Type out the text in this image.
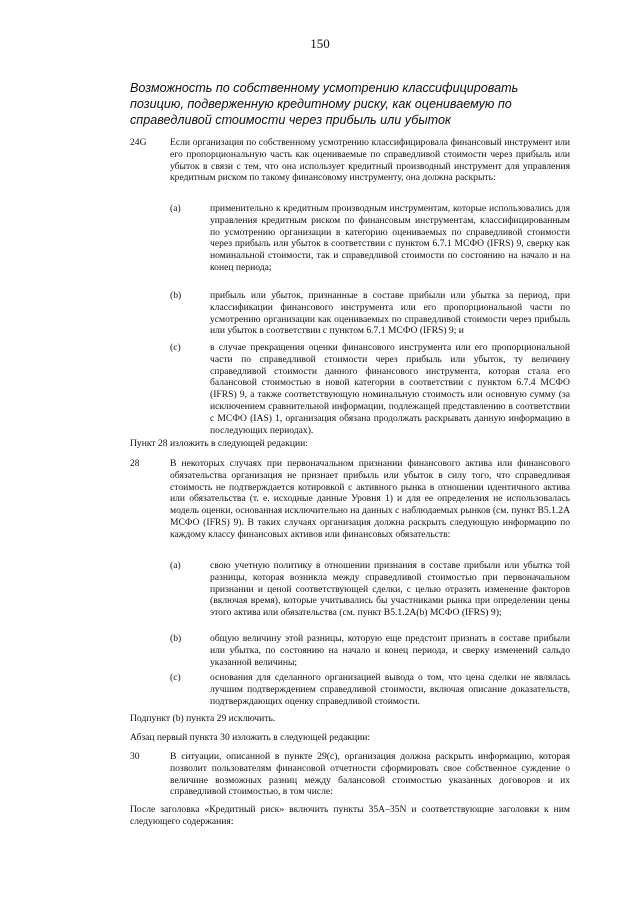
150
Возможность по собственному усмотрению классифицировать позицию, подверженную кредитному риску, как оцениваемую по справедливой стоимости через прибыль или убыток
24G Если организация по собственному усмотрению классифицировала финансовый инструмент или его пропорциональную часть как оцениваемые по справедливой стоимости через прибыль или убыток в связи с тем, что она использует кредитный производный инструмент для управления кредитным риском по такому финансовому инструменту, она должна раскрыть:
(a)	применительно к кредитным производным инструментам, которые использовались для управления кредитным риском по финансовым инструментам, классифицированным по усмотрению организации в категорию оцениваемых по справедливой стоимости через прибыль или убыток в соответствии с пунктом 6.7.1 МСФО (IFRS) 9, сверку как номинальной стоимости, так и справедливой стоимости по состоянию на начало и на конец периода;
(b)	прибыль или убыток, признанные в составе прибыли или убытка за период, при классификации финансового инструмента или его пропорциональной части по усмотрению организации как оцениваемых по справедливой стоимости через прибыль или убыток в соответствии с пунктом 6.7.1 МСФО (IFRS) 9; и
(c)	в случае прекращения оценки финансового инструмента или его пропорциональной части по справедливой стоимости через прибыль или убыток, ту величину справедливой стоимости данного финансового инструмента, которая стала его балансовой стоимостью в новой категории в соответствии с пунктом 6.7.4 МСФО (IFRS) 9, а также соответствующую номинальную стоимость или основную сумму (за исключением сравнительной информации, подлежащей представлению в соответствии с МСФО (IAS) 1, организация обязана продолжать раскрывать данную информацию в последующих периодах).
Пункт 28 изложить в следующей редакции:
28	В некоторых случаях при первоначальном признании финансового актива или финансового обязательства организация не признает прибыль или убыток в силу того, что справедливая стоимость не подтверждается котировкой с активного рынка в отношении идентичного актива или обязательства (т. е. исходные данные Уровня 1) и для ее определения не использовалась модель оценки, основанная исключительно на данных с наблюдаемых рынков (см. пункт B5.1.2A МСФО (IFRS) 9). В таких случаях организация должна раскрыть следующую информацию по каждому классу финансовых активов или финансовых обязательств:
(a)	свою учетную политику в отношении признания в составе прибыли или убытка той разницы, которая возникла между справедливой стоимостью при первоначальном признании и ценой соответствующей сделки, с целью отразить изменение факторов (включая время), которые учитывались бы участниками рынка при определении цены этого актива или обязательства (см. пункт B5.1.2A(b) МСФО (IFRS) 9);
(b)	общую величину этой разницы, которую еще предстоит признать в составе прибыли или убытка, по состоянию на начало и конец периода, и сверку изменений сальдо указанной величины;
(c)	основания для сделанного организацией вывода о том, что цена сделки не являлась лучшим подтверждением справедливой стоимости, включая описание доказательств, подтверждающих оценку справедливой стоимости.
Подпункт (b) пункта 29 исключить.
Абзац первый пункта 30 изложить в следующей редакции:
30	В ситуации, описанной в пункте 29(c), организация должна раскрыть информацию, которая позволит пользователям финансовой отчетности сформировать свое собственное суждение о величине возможных разниц между балансовой стоимостью указанных договоров и их справедливой стоимостью, в том числе:
После заголовка «Кредитный риск» включить пункты 35A–35N и соответствующие заголовки к ним следующего содержания:
